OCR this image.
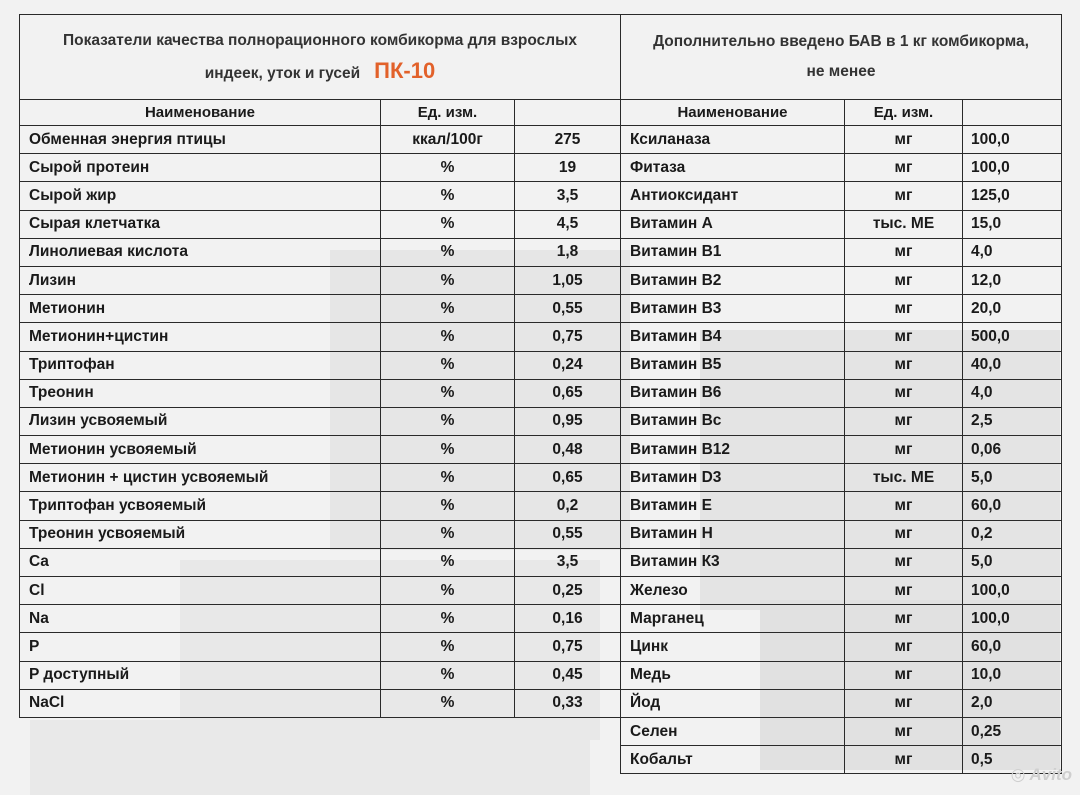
Показатели качества полнорационного комбикорма для взрослых
индеек, уток и гусей ПК-10		
Наименование	Ед. изм.	
Обменная энергия птицы	ккал/100г	275
Сырой протеин	%	19
Сырой жир	%	3,5
Сырая клетчатка	%	4,5
Линолиевая кислота	%	1,8
Лизин	%	1,05
Метионин	%	0,55
Метионин+цистин	%	0,75
Триптофан	%	0,24
Треонин	%	0,65
Лизин усвояемый	%	0,95
Метионин усвояемый	%	0,48
Метионин + цистин усвояемый	%	0,65
Триптофан усвояемый	%	0,2
Треонин усвояемый	%	0,55
Ca	%	3,5
Cl	%	0,25
Na	%	0,16
P	%	0,75
P доступный	%	0,45
NaCl	%	0,33
Дополнительно введено БАВ в 1 кг комбикорма,
не менее		
Наименование	Ед. изм.	
Ксиланаза	мг	100,0
Фитаза	мг	100,0
Антиоксидант	мг	125,0
Витамин А	тыс. МЕ	15,0
Витамин В1	мг	4,0
Витамин В2	мг	12,0
Витамин В3	мг	20,0
Витамин В4	мг	500,0
Витамин В5	мг	40,0
Витамин В6	мг	4,0
Витамин Вс	мг	2,5
Витамин В12	мг	0,06
Витамин D3	тыс. МЕ	5,0
Витамин Е	мг	60,0
Витамин Н	мг	0,2
Витамин К3	мг	5,0
Железо	мг	100,0
Марганец	мг	100,0
Цинк	мг	60,0
Медь	мг	10,0
Йод	мг	2,0
Селен	мг	0,25
Кобальт	мг	0,5
◎ Avito
